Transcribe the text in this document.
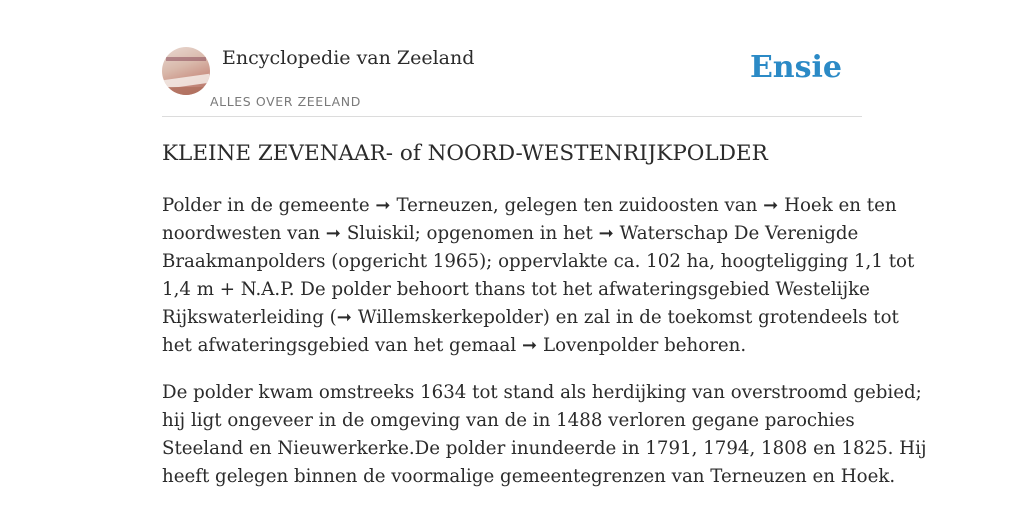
Encyclopedie van Zeeland
ALLES OVER ZEELAND
Ensie
KLEINE ZEVENAAR- of NOORD-WESTENRIJKPOLDER

Polder in de gemeente ➞ Terneuzen, gelegen ten zuidoosten van ➞ Hoek en ten
noordwesten van ➞ Sluiskil; opgenomen in het ➞ Waterschap De Verenigde
Braakmanpolders (opgericht 1965); oppervlakte ca. 102 ha, hoogteligging 1,1 tot
1,4 m + N.A.P. De polder behoort thans tot het afwateringsgebied Westelijke
Rijkswaterleiding (➞ Willemskerkepolder) en zal in de toekomst grotendeels tot
het afwateringsgebied van het gemaal ➞ Lovenpolder behoren.

De polder kwam omstreeks 1634 tot stand als herdijking van overstroomd gebied;
hij ligt ongeveer in de omgeving van de in 1488 verloren gegane parochies
Steeland en Nieuwerkerke.De polder inundeerde in 1791, 1794, 1808 en 1825. Hij
heeft gelegen binnen de voormalige gemeentegrenzen van Terneuzen en Hoek.
